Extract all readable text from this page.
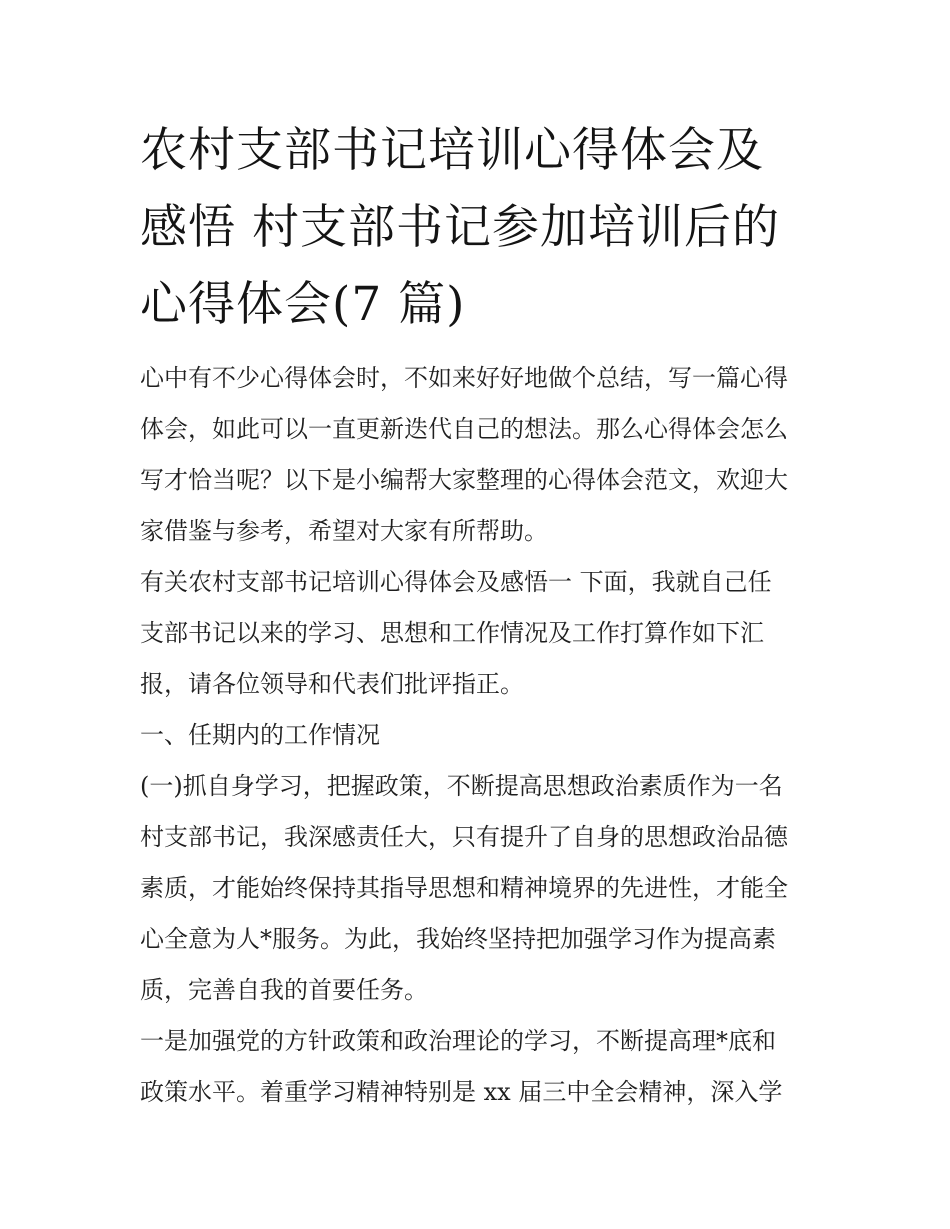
农村支部书记培训心得体会及
感悟 村支部书记参加培训后的
心得体会(7 篇)
心中有不少心得体会时，不如来好好地做个总结，写一篇心得
体会，如此可以一直更新迭代自己的想法。那么心得体会怎么
写才恰当呢？以下是小编帮大家整理的心得体会范文，欢迎大
家借鉴与参考，希望对大家有所帮助。
有关农村支部书记培训心得体会及感悟一 下面，我就自己任
支部书记以来的学习、思想和工作情况及工作打算作如下汇
报，请各位领导和代表们批评指正。
一、任期内的工作情况
(一)抓自身学习，把握政策，不断提高思想政治素质作为一名
村支部书记，我深感责任大，只有提升了自身的思想政治品德
素质，才能始终保持其指导思想和精神境界的先进性，才能全
心全意为人*服务。为此，我始终坚持把加强学习作为提高素
质，完善自我的首要任务。
一是加强党的方针政策和政治理论的学习，不断提高理*底和
政策水平。着重学习精神特别是 xx 届三中全会精神，深入学
